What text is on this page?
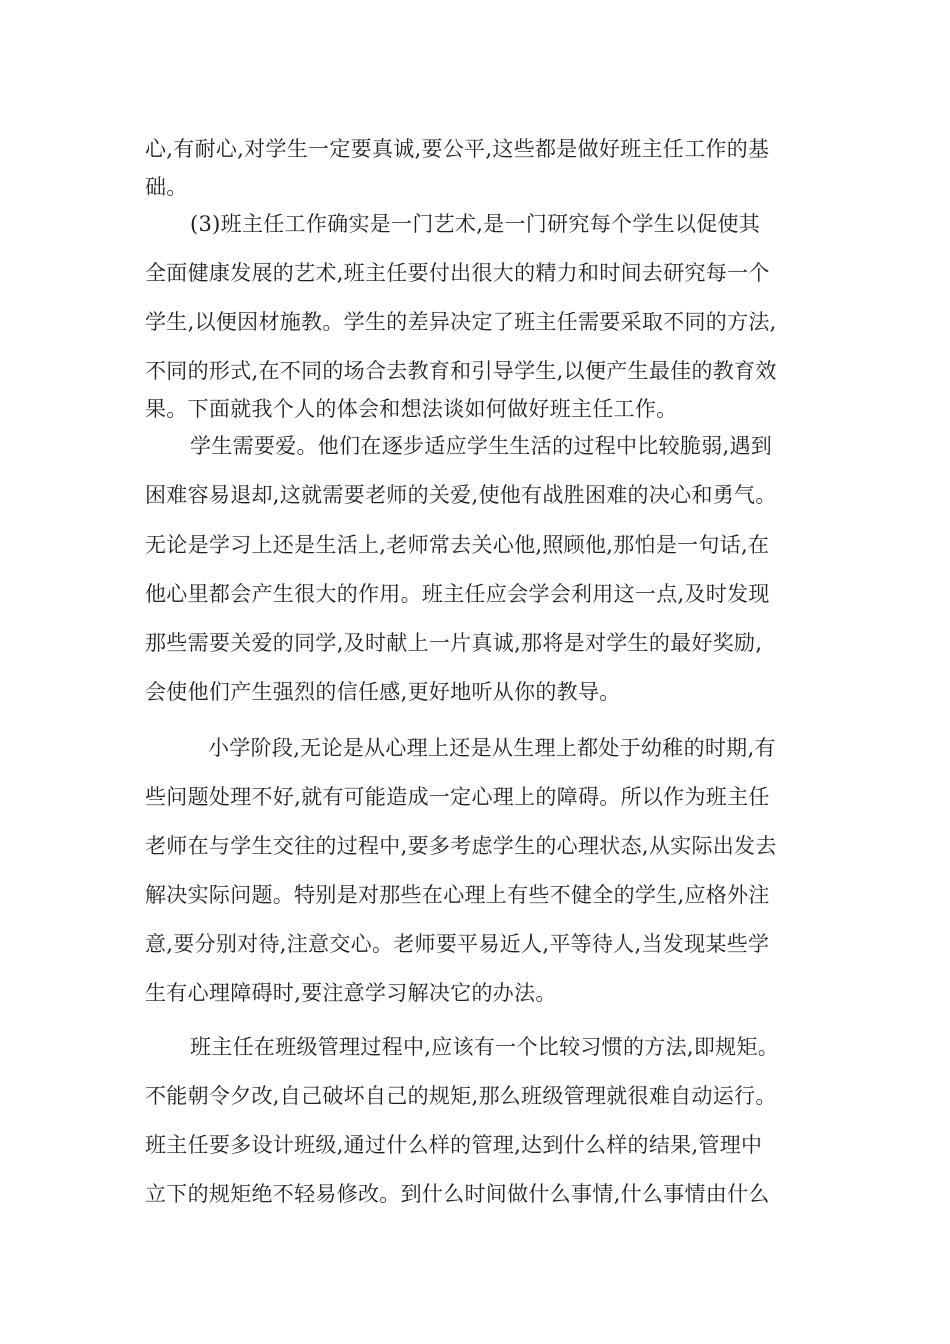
心,有耐心,对学生一定要真诚,要公平,这些都是做好班主任工作的基

础。

(3)班主任工作确实是一门艺术,是一门研究每个学生以促使其

全面健康发展的艺术,班主任要付出很大的精力和时间去研究每一个

学生,以便因材施教。学生的差异决定了班主任需要采取不同的方法,

不同的形式,在不同的场合去教育和引导学生,以便产生最佳的教育效

果。下面就我个人的体会和想法谈如何做好班主任工作。

学生需要爱。他们在逐步适应学生生活的过程中比较脆弱,遇到

困难容易退却,这就需要老师的关爱,使他有战胜困难的决心和勇气。

无论是学习上还是生活上,老师常去关心他,照顾他,那怕是一句话,在

他心里都会产生很大的作用。班主任应会学会利用这一点,及时发现

那些需要关爱的同学,及时献上一片真诚,那将是对学生的最好奖励,

会使他们产生强烈的信任感,更好地听从你的教导。

小学阶段,无论是从心理上还是从生理上都处于幼稚的时期,有

些问题处理不好,就有可能造成一定心理上的障碍。所以作为班主任

老师在与学生交往的过程中,要多考虑学生的心理状态,从实际出发去

解决实际问题。特别是对那些在心理上有些不健全的学生,应格外注

意,要分别对待,注意交心。老师要平易近人,平等待人,当发现某些学

生有心理障碍时,要注意学习解决它的办法。

班主任在班级管理过程中,应该有一个比较习惯的方法,即规矩。

不能朝令夕改,自己破坏自己的规矩,那么班级管理就很难自动运行。

班主任要多设计班级,通过什么样的管理,达到什么样的结果,管理中

立下的规矩绝不轻易修改。到什么时间做什么事情,什么事情由什么
